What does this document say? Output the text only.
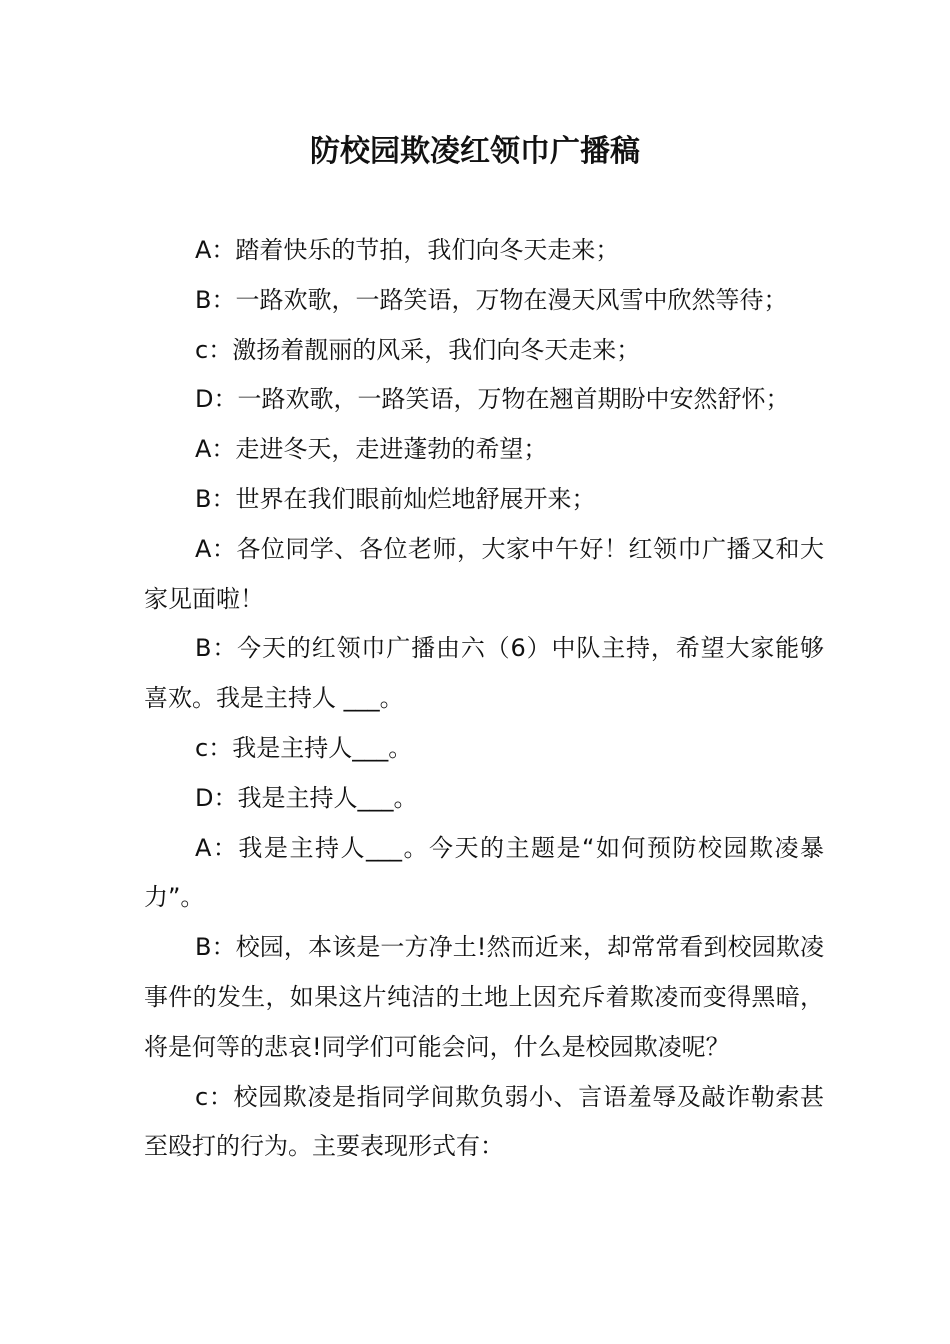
防校园欺凌红领巾广播稿

A：踏着快乐的节拍，我们向冬天走来；

B：一路欢歌，一路笑语，万物在漫天风雪中欣然等待；

c：激扬着靓丽的风采，我们向冬天走来；

D：一路欢歌，一路笑语，万物在翘首期盼中安然舒怀；

A：走进冬天，走进蓬勃的希望；

B：世界在我们眼前灿烂地舒展开来；

A：各位同学、各位老师，大家中午好！红领巾广播又和大家见面啦！

B：今天的红领巾广播由六（6）中队主持，希望大家能够喜欢。我是主持人 ___。

c：我是主持人___。

D：我是主持人___。

A：我是主持人___。今天的主题是“如何预防校园欺凌暴力”。

B：校园，本该是一方净土!然而近来，却常常看到校园欺凌事件的发生，如果这片纯洁的土地上因充斥着欺凌而变得黑暗，将是何等的悲哀!同学们可能会问，什么是校园欺凌呢？

c：校园欺凌是指同学间欺负弱小、言语羞辱及敲诈勒索甚至殴打的行为。主要表现形式有：
